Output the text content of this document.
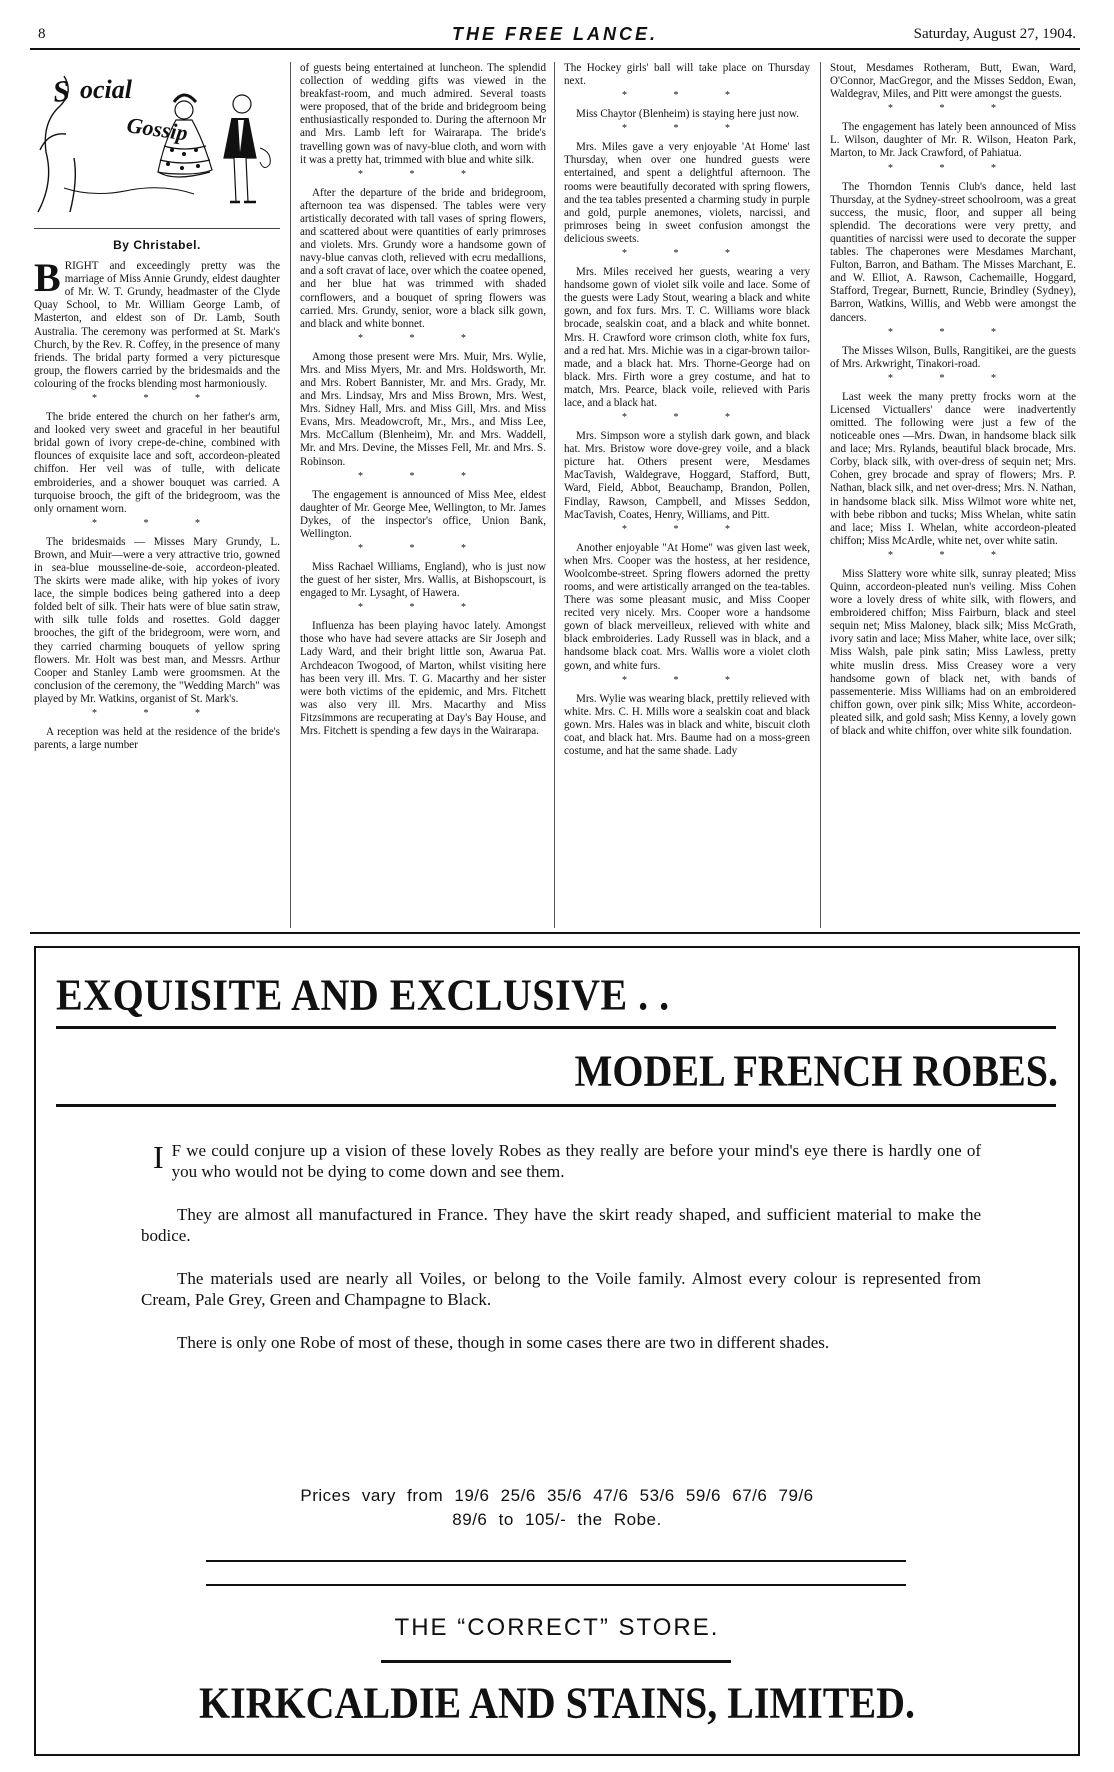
8	THE FREE LANCE.	Saturday, August 27, 1904.
S ocial
Gossip
By Christabel.

BRIGHT and exceedingly pretty was the marriage of Miss Annie Grundy, eldest daughter of Mr. W. T. Grundy, headmaster of the Clyde Quay School, to Mr. William George Lamb, of Masterton, and eldest son of Dr. Lamb, South Australia. The ceremony was performed at St. Mark's Church, by the Rev. R. Coffey, in the presence of many friends. The bridal party formed a very picturesque group, the flowers carried by the bridesmaids and the colouring of the frocks blending most harmoniously.

* * *

The bride entered the church on her father's arm, and looked very sweet and graceful in her beautiful bridal gown of ivory crepe-de-chine, combined with flounces of exquisite lace and soft, accordeon-pleated chiffon. Her veil was of tulle, with delicate embroideries, and a shower bouquet was carried. A turquoise brooch, the gift of the bridegroom, was the only ornament worn.

* * *

The bridesmaids — Misses Mary Grundy, L. Brown, and Muir—were a very attractive trio, gowned in sea-blue mousseline-de-soie, accordeon-pleated. The skirts were made alike, with hip yokes of ivory lace, the simple bodices being gathered into a deep folded belt of silk. Their hats were of blue satin straw, with silk tulle folds and rosettes. Gold dagger brooches, the gift of the bridegroom, were worn, and they carried charming bouquets of yellow spring flowers. Mr. Holt was best man, and Messrs. Arthur Cooper and Stanley Lamb were groomsmen. At the conclusion of the ceremony, the "Wedding March" was played by Mr. Watkins, organist of St. Mark's.

* * *

A reception was held at the residence of the bride's parents, a large number

of guests being entertained at luncheon. The splendid collection of wedding gifts was viewed in the breakfast-room, and much admired. Several toasts were proposed, that of the bride and bridegroom being enthusiastically responded to. During the afternoon Mr and Mrs. Lamb left for Wairarapa. The bride's travelling gown was of navy-blue cloth, and worn with it was a pretty hat, trimmed with blue and white silk.

* * *

After the departure of the bride and bridegroom, afternoon tea was dispensed. The tables were very artistically decorated with tall vases of spring flowers, and scattered about were quantities of early primroses and violets. Mrs. Grundy wore a handsome gown of navy-blue canvas cloth, relieved with ecru medallions, and a soft cravat of lace, over which the coatee opened, and her blue hat was trimmed with shaded cornflowers, and a bouquet of spring flowers was carried. Mrs. Grundy, senior, wore a black silk gown, and black and white bonnet.

* * *

Among those present were Mrs. Muir, Mrs. Wylie, Mrs. and Miss Myers, Mr. and Mrs. Holdsworth, Mr. and Mrs. Robert Bannister, Mr. and Mrs. Grady, Mr. and Mrs. Lindsay, Mrs and Miss Brown, Mrs. West, Mrs. Sidney Hall, Mrs. and Miss Gill, Mrs. and Miss Evans, Mrs. Meadowcroft, Mr., Mrs., and Miss Lee, Mrs. McCallum (Blenheim), Mr. and Mrs. Waddell, Mr. and Mrs. Devine, the Misses Fell, Mr. and Mrs. S. Robinson.

* * *

The engagement is announced of Miss Mee, eldest daughter of Mr. George Mee, Wellington, to Mr. James Dykes, of the inspector's office, Union Bank, Wellington.

* * *

Miss Rachael Williams, England), who is just now the guest of her sister, Mrs. Wallis, at Bishopscourt, is engaged to Mr. Lysaght, of Hawera.

* * *

Influenza has been playing havoc lately. Amongst those who have had severe attacks are Sir Joseph and Lady Ward, and their bright little son, Awarua Pat. Archdeacon Twogood, of Marton, whilst visiting here has been very ill. Mrs. T. G. Macarthy and her sister were both victims of the epidemic, and Mrs. Fitchett was also very ill. Mrs. Macarthy and Miss Fitzsimmons are recuperating at Day's Bay House, and Mrs. Fitchett is spending a few days in the Wairarapa.

The Hockey girls' ball will take place on Thursday next.

* * *

Miss Chaytor (Blenheim) is staying here just now.

* * *

Mrs. Miles gave a very enjoyable 'At Home' last Thursday, when over one hundred guests were entertained, and spent a delightful afternoon. The rooms were beautifully decorated with spring flowers, and the tea tables presented a charming study in purple and gold, purple anemones, violets, narcissi, and primroses being in sweet confusion amongst the delicious sweets.

* * *

Mrs. Miles received her guests, wearing a very handsome gown of violet silk voile and lace. Some of the guests were Lady Stout, wearing a black and white gown, and fox furs. Mrs. T. C. Williams wore black brocade, sealskin coat, and a black and white bonnet. Mrs. H. Crawford wore crimson cloth, white fox furs, and a red hat. Mrs. Michie was in a cigar-brown tailor-made, and a black hat. Mrs. Thorne-George had on black. Mrs. Firth wore a grey costume, and hat to match, Mrs. Pearce, black voile, relieved with Paris lace, and a black hat.

* * *

Mrs. Simpson wore a stylish dark gown, and black hat. Mrs. Bristow wore dove-grey voile, and a black picture hat. Others present were, Mesdames MacTavish, Waldegrave, Hoggard, Stafford, Butt, Ward, Field, Abbot, Beauchamp, Brandon, Pollen, Findlay, Rawson, Campbell, and Misses Seddon, MacTavish, Coates, Henry, Williams, and Pitt.

* * *

Another enjoyable "At Home" was given last week, when Mrs. Cooper was the hostess, at her residence, Woolcombe-street. Spring flowers adorned the pretty rooms, and were artistically arranged on the tea-tables. There was some pleasant music, and Miss Cooper recited very nicely. Mrs. Cooper wore a handsome gown of black merveilleux, relieved with white and black embroideries. Lady Russell was in black, and a handsome black coat. Mrs. Wallis wore a violet cloth gown, and white furs.

* * *

Mrs. Wylie was wearing black, prettily relieved with white. Mrs. C. H. Mills wore a sealskin coat and black gown. Mrs. Hales was in black and white, biscuit cloth coat, and black hat. Mrs. Baume had on a moss-green costume, and hat the same shade. Lady

Stout, Mesdames Rotheram, Butt, Ewan, Ward, O'Connor, MacGregor, and the Misses Seddon, Ewan, Waldegrav, Miles, and Pitt were amongst the guests.

* * *

The engagement has lately been announced of Miss L. Wilson, daughter of Mr. R. Wilson, Heaton Park, Marton, to Mr. Jack Crawford, of Pahiatua.

* * *

The Thorndon Tennis Club's dance, held last Thursday, at the Sydney-street schoolroom, was a great success, the music, floor, and supper all being splendid. The decorations were very pretty, and quantities of narcissi were used to decorate the supper tables. The chaperones were Mesdames Marchant, Fulton, Barron, and Batham. The Misses Marchant, E. and W. Elliot, A. Rawson, Cachemaille, Hoggard, Stafford, Tregear, Burnett, Runcie, Brindley (Sydney), Barron, Watkins, Willis, and Webb were amongst the dancers.

* * *

The Misses Wilson, Bulls, Rangitikei, are the guests of Mrs. Arkwright, Tinakori-road.

* * *

Last week the many pretty frocks worn at the Licensed Victuallers' dance were inadvertently omitted. The following were just a few of the noticeable ones —Mrs. Dwan, in handsome black silk and lace; Mrs. Rylands, beautiful black brocade, Mrs. Corby, black silk, with over-dress of sequin net; Mrs. Cohen, grey brocade and spray of flowers; Mrs. P. Nathan, black silk, and net over-dress; Mrs. N. Nathan, in handsome black silk. Miss Wilmot wore white net, with bebe ribbon and tucks; Miss Whelan, white satin and lace; Miss I. Whelan, white accordeon-pleated chiffon; Miss McArdle, white net, over white satin.

* * *

Miss Slattery wore white silk, sunray pleated; Miss Quinn, accordeon-pleated nun's veiling. Miss Cohen wore a lovely dress of white silk, with flowers, and embroidered chiffon; Miss Fairburn, black and steel sequin net; Miss Maloney, black silk; Miss McGrath, ivory satin and lace; Miss Maher, white lace, over silk; Miss Walsh, pale pink satin; Miss Lawless, pretty white muslin dress. Miss Creasey wore a very handsome gown of black net, with bands of passementerie. Miss Williams had on an embroidered chiffon gown, over pink silk; Miss White, accordeon-pleated silk, and gold sash; Miss Kenny, a lovely gown of black and white chiffon, over white silk foundation.

EXQUISITE AND EXCLUSIVE . .
MODEL FRENCH ROBES.

I F we could conjure up a vision of these lovely Robes as they really are before your mind's eye there is hardly one of you who would not be dying to come down and see them.

They are almost all manufactured in France. They have the skirt ready shaped, and sufficient material to make the bodice.

The materials used are nearly all Voiles, or belong to the Voile family. Almost every colour is represented from Cream, Pale Grey, Green and Champagne to Black.

There is only one Robe of most of these, though in some cases there are two in different shades.

Prices vary from 19/6 25/6 35/6 47/6 53/6 59/6 67/6 79/6
89/6 to 105/- the Robe.
THE “CORRECT” STORE.
KIRKCALDIE AND STAINS, LIMITED.
